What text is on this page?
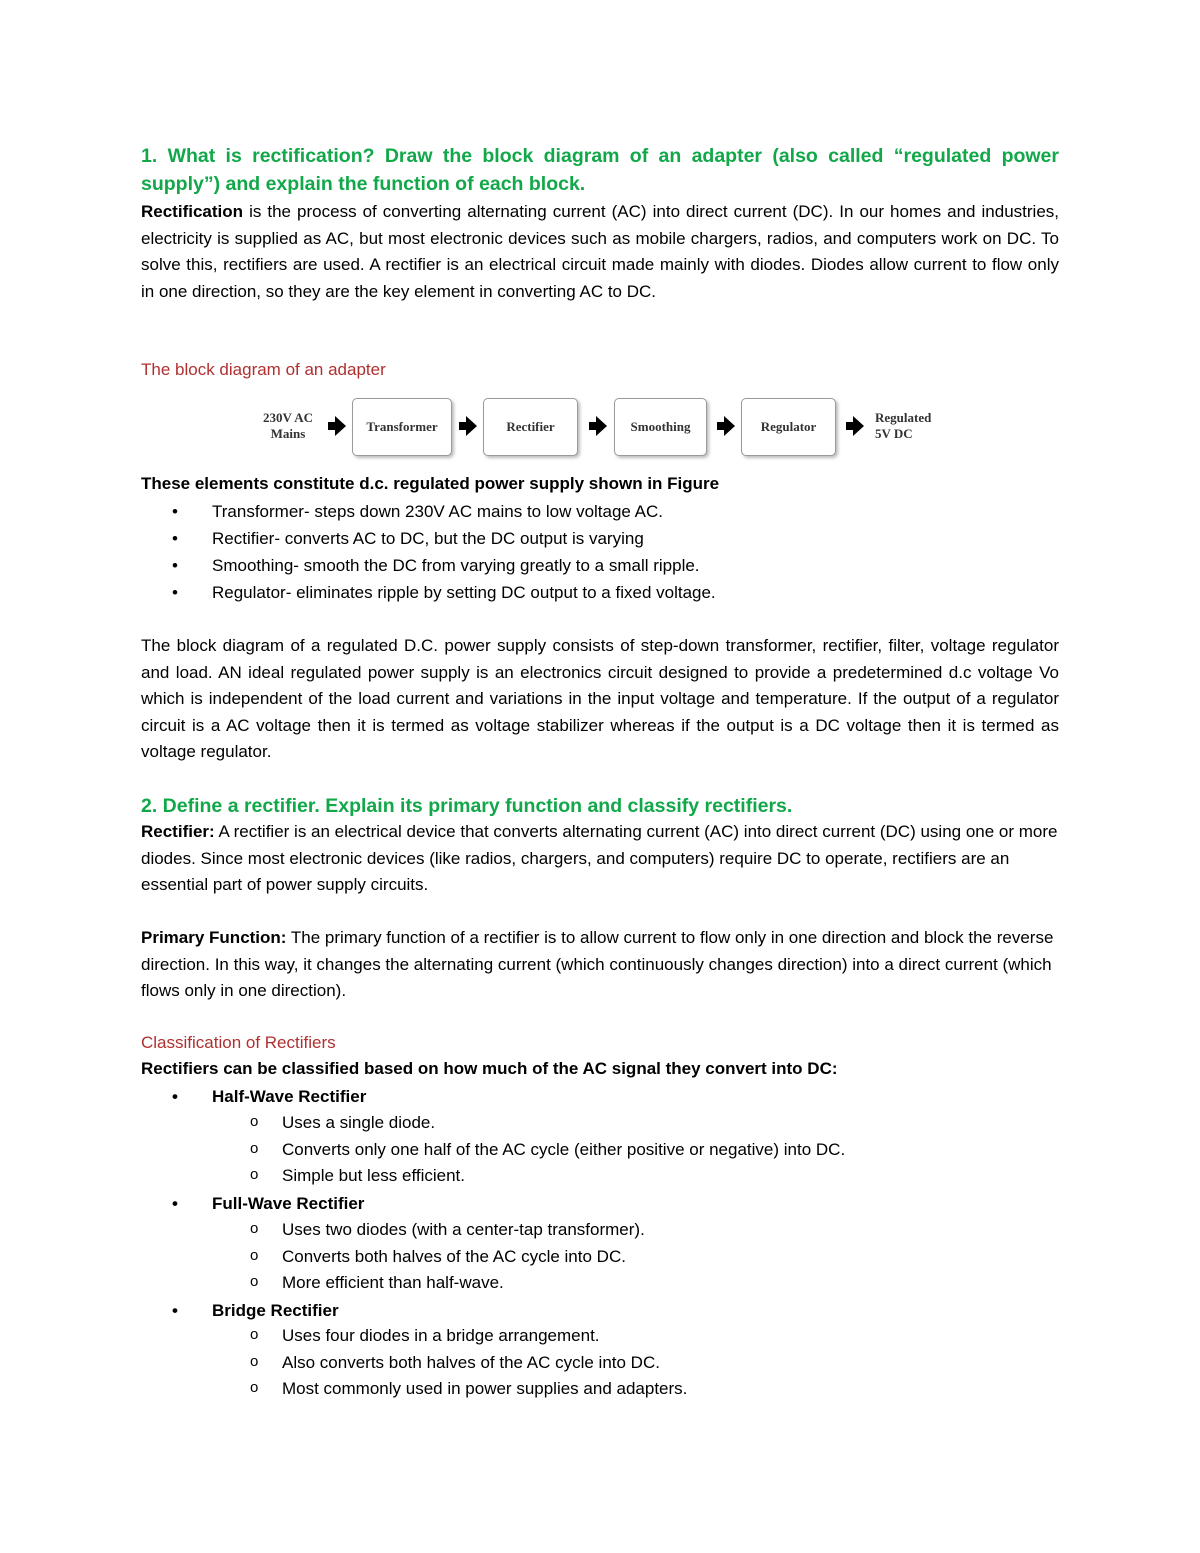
1. What is rectification? Draw the block diagram of an adapter (also called “regulated power supply”) and explain the function of each block.
Rectification is the process of converting alternating current (AC) into direct current (DC). In our homes and industries, electricity is supplied as AC, but most electronic devices such as mobile chargers, radios, and computers work on DC. To solve this, rectifiers are used. A rectifier is an electrical circuit made mainly with diodes. Diodes allow current to flow only in one direction, so they are the key element in converting AC to DC.
The block diagram of an adapter
230V AC
Mains	Transformer	Rectifier	Smoothing	Regulator
Regulated
5V DC
These elements constitute d.c. regulated power supply shown in Figure
• Transformer- steps down 230V AC mains to low voltage AC.
• Rectifier- converts AC to DC, but the DC output is varying
• Smoothing- smooth the DC from varying greatly to a small ripple.
• Regulator- eliminates ripple by setting DC output to a fixed voltage.
The block diagram of a regulated D.C. power supply consists of step-down transformer, rectifier, filter, voltage regulator and load. AN ideal regulated power supply is an electronics circuit designed to provide a predetermined d.c voltage Vo which is independent of the load current and variations in the input voltage and temperature. If the output of a regulator circuit is a AC voltage then it is termed as voltage stabilizer whereas if the output is a DC voltage then it is termed as voltage regulator.
2. Define a rectifier. Explain its primary function and classify rectifiers.
Rectifier: A rectifier is an electrical device that converts alternating current (AC) into direct current (DC) using one or more diodes. Since most electronic devices (like radios, chargers, and computers) require DC to operate, rectifiers are an essential part of power supply circuits.
Primary Function: The primary function of a rectifier is to allow current to flow only in one direction and block the reverse direction. In this way, it changes the alternating current (which continuously changes direction) into a direct current (which flows only in one direction).
Classification of Rectifiers
Rectifiers can be classified based on how much of the AC signal they convert into DC:
• Half-Wave Rectifier
o Uses a single diode.
o Converts only one half of the AC cycle (either positive or negative) into DC.
o Simple but less efficient.
• Full-Wave Rectifier
o Uses two diodes (with a center-tap transformer).
o Converts both halves of the AC cycle into DC.
o More efficient than half-wave.
• Bridge Rectifier
o Uses four diodes in a bridge arrangement.
o Also converts both halves of the AC cycle into DC.
o Most commonly used in power supplies and adapters.
